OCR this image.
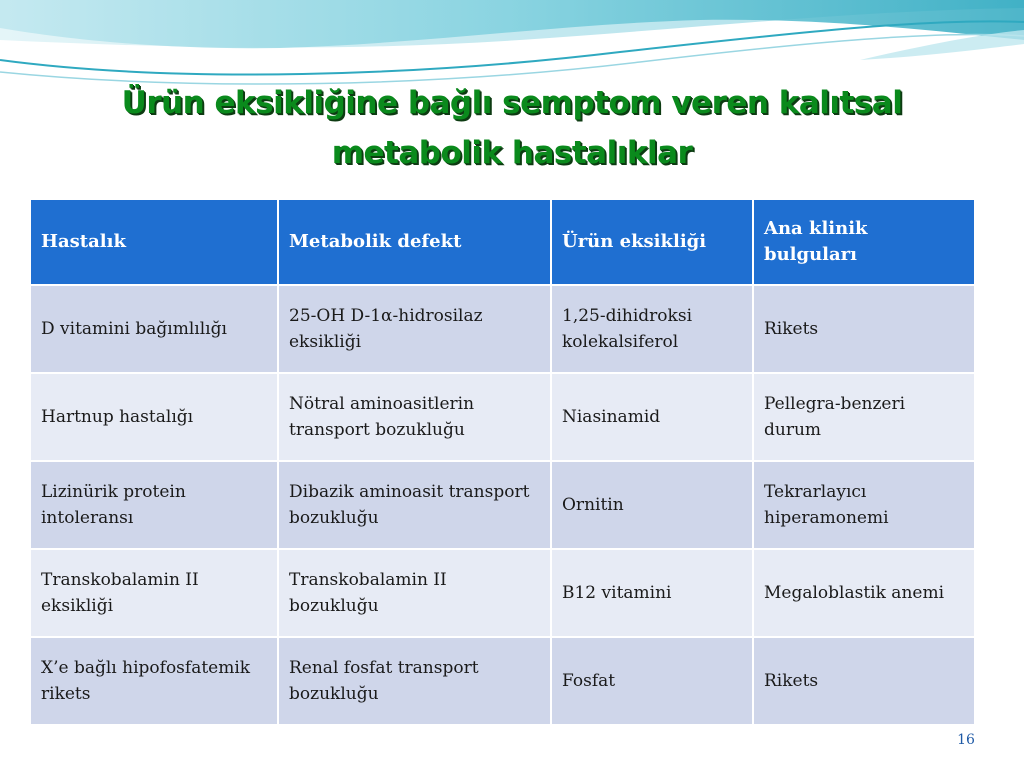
Ürün eksikliğine bağlı semptom veren kalıtsal
metabolik hastalıklar
Hastalık	Metabolik defekt	Ürün eksikliği	Ana klinik bulguları
D vitamini bağımlılığı	25-OH D-1α-hidrosilaz eksikliği	1,25-dihidroksi kolekalsiferol	Rikets
Hartnup hastalığı	Nötral aminoasitlerin transport bozukluğu	Niasinamid	Pellegra-benzeri durum
Lizinürik protein intoleransı	Dibazik aminoasit transport bozukluğu	Ornitin	Tekrarlayıcı hiperamonemi
Transkobalamin II eksikliği	Transkobalamin II bozukluğu	B12 vitamini	Megaloblastik anemi
X’e bağlı hipofosfatemik rikets	Renal fosfat transport bozukluğu	Fosfat	Rikets
16
